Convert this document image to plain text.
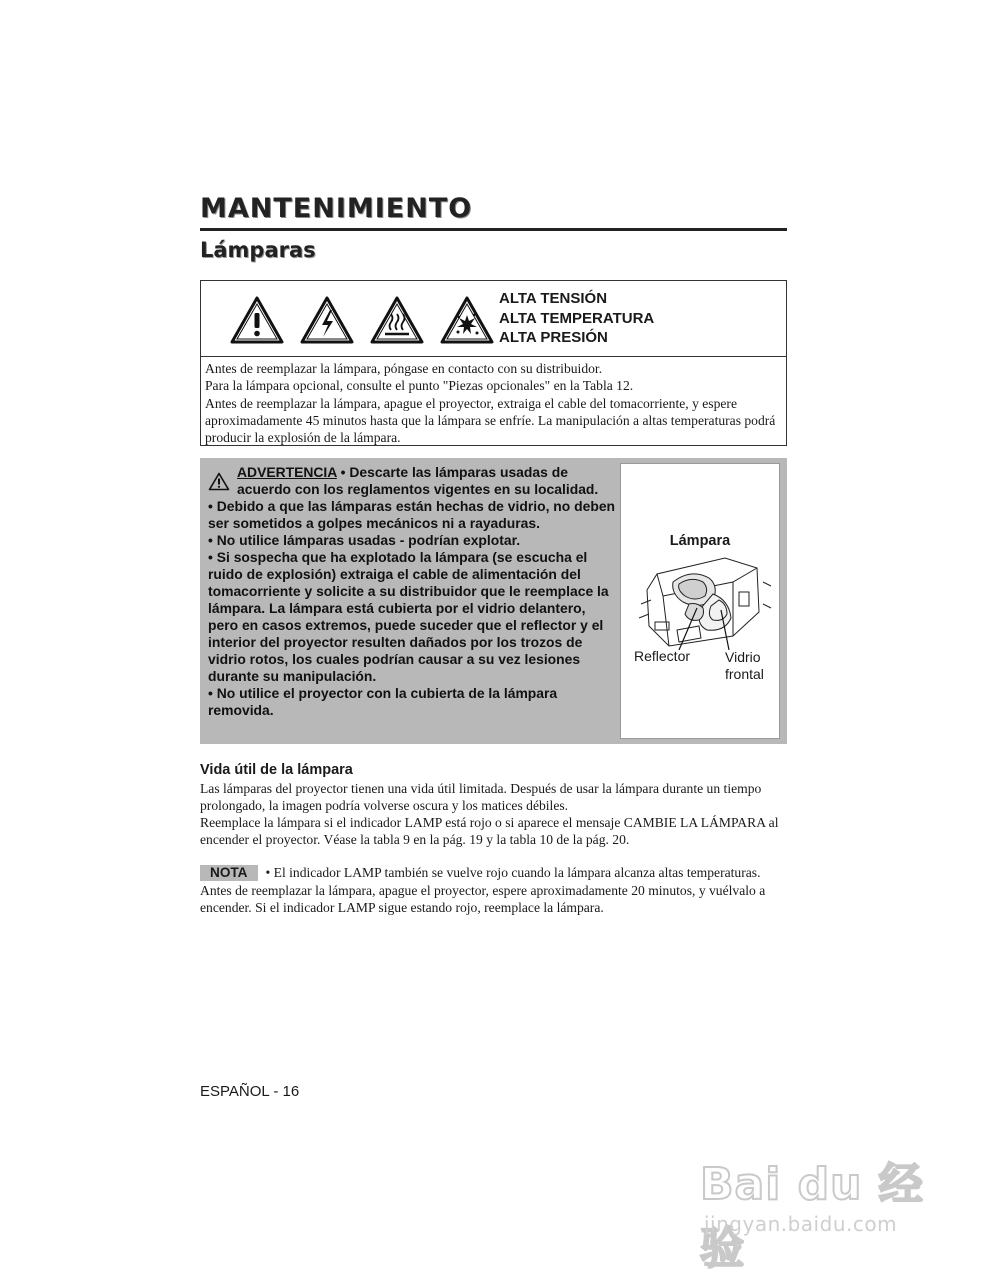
MANTENIMIENTO
Lámparas
ALTA TENSIÓN
ALTA TEMPERATURA
ALTA PRESIÓN

Antes de reemplazar la lámpara, póngase en contacto con su distribuidor.

Para la lámpara opcional, consulte el punto "Piezas opcionales" en la Tabla 12.

Antes de reemplazar la lámpara, apague el proyector, extraiga el cable del tomacorriente, y espere aproximadamente 45 minutos hasta que la lámpara se enfríe. La manipulación a altas temperaturas podrá producir la explosión de la lámpara.

ADVERTENCIA • Descarte las lámparas usadas de acuerdo con los reglamentos vigentes en su localidad.

• Debido a que las lámparas están hechas de vidrio, no deben ser sometidos a golpes mecánicos ni a rayaduras.

• No utilice lámparas usadas - podrían explotar.

• Si sospecha que ha explotado la lámpara (se escucha el ruido de explosión) extraiga el cable de alimentación del tomacorriente y solicite a su distribuidor que le reemplace la lámpara. La lámpara está cubierta por el vidrio delantero, pero en casos extremos, puede suceder que el reflector y el interior del proyector resulten dañados por los trozos de vidrio rotos, los cuales podrían causar a su vez lesiones durante su manipulación.

• No utilice el proyector con la cubierta de la lámpara removida.

Lámpara
Reflector Vidrio
frontal
Vida útil de la lámpara

Las lámparas del proyector tienen una vida útil limitada. Después de usar la lámpara durante un tiempo prolongado, la imagen podría volverse oscura y los matices débiles.

Reemplace la lámpara si el indicador LAMP está rojo o si aparece el mensaje CAMBIE LA LÁMPARA al encender el proyector. Véase la tabla 9 en la pág. 19 y la tabla 10 de la pág. 20.

NOTA • El indicador LAMP también se vuelve rojo cuando la lámpara alcanza altas temperaturas. Antes de reemplazar la lámpara, apague el proyector, espere aproximadamente 20 minutos, y vuélvalo a encender. Si el indicador LAMP sigue estando rojo, reemplace la lámpara.
ESPAÑOL - 16
Bai du 经验
jingyan.baidu.com
